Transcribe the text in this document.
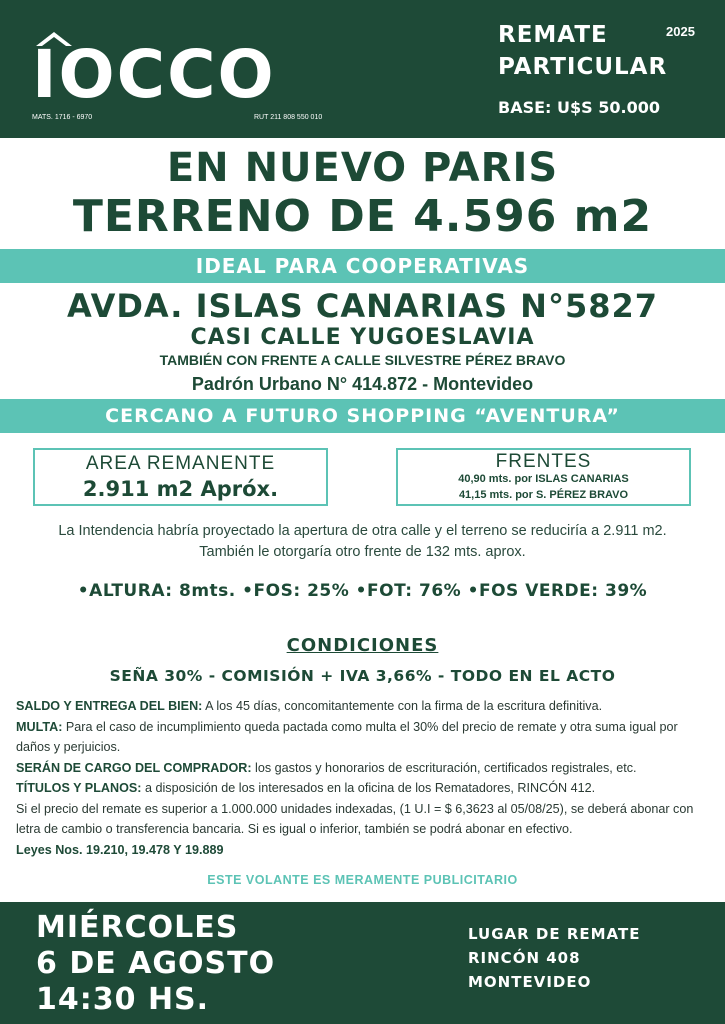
IOCCO
MATS. 1716 - 6970	RUT 211 808 550 010
REMATE	2025
PARTICULAR
BASE: U$S 50.000
EN NUEVO PARIS
TERRENO DE 4.596 m2
IDEAL PARA COOPERATIVAS
AVDA. ISLAS CANARIAS N°5827
CASI CALLE YUGOESLAVIA
TAMBIÉN CON FRENTE A CALLE SILVESTRE PÉREZ BRAVO
Padrón Urbano N° 414.872 - Montevideo
CERCANO A FUTURO SHOPPING “AVENTURA”
AREA REMANENTE
2.911 m2 Apróx.
FRENTES
40,90 mts. por ISLAS CANARIAS
41,15 mts. por S. PÉREZ BRAVO
La Intendencia habría proyectado la apertura de otra calle y el terreno se reduciría a 2.911 m2.
También le otorgaría otro frente de 132 mts. aprox.
•ALTURA: 8mts. •FOS: 25% •FOT: 76% •FOS VERDE: 39%
CONDICIONES
SEÑA 30% - COMISIÓN + IVA 3,66% - TODO EN EL ACTO

SALDO Y ENTREGA DEL BIEN: A los 45 días, concomitantemente con la firma de la escritura definitiva.

MULTA: Para el caso de incumplimiento queda pactada como multa el 30% del precio de remate y otra suma igual por daños y perjuicios.

SERÁN DE CARGO DEL COMPRADOR: los gastos y honorarios de escrituración, certificados registrales, etc.

TÍTULOS Y PLANOS: a disposición de los interesados en la oficina de los Rematadores, RINCÓN 412.

Si el precio del remate es superior a 1.000.000 unidades indexadas, (1 U.I = $ 6,3623 al 05/08/25), se deberá abonar con letra de cambio o transferencia bancaria. Si es igual o inferior, también se podrá abonar en efectivo.

Leyes Nos. 19.210, 19.478 Y 19.889

ESTE VOLANTE ES MERAMENTE PUBLICITARIO
MIÉRCOLES
6 DE AGOSTO
14:30 HS.
LUGAR DE REMATE
RINCÓN 408
MONTEVIDEO
